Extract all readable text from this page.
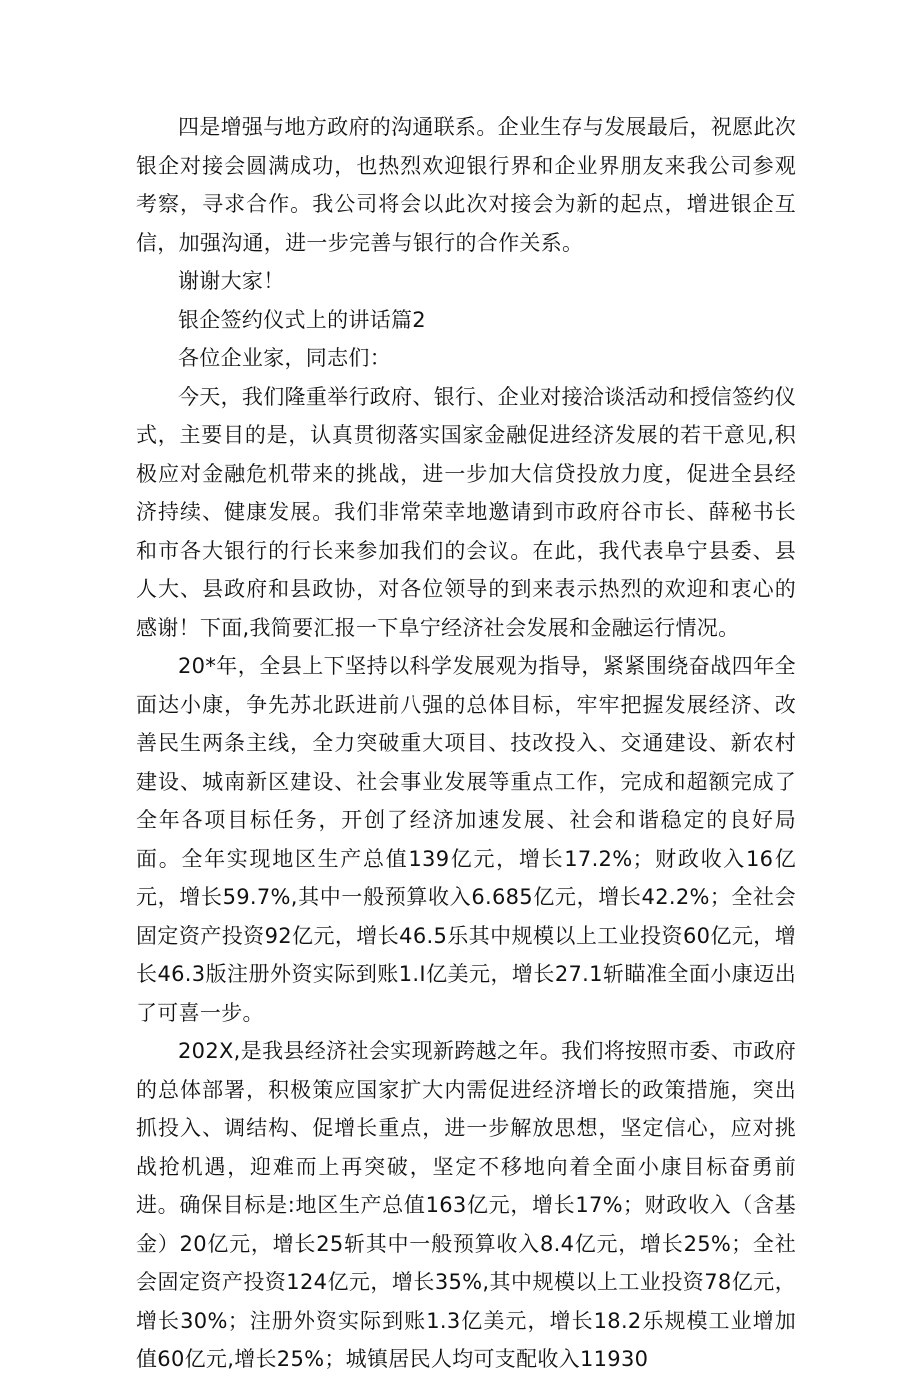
四是增强与地方政府的沟通联系。企业生存与发展最后，祝愿此次银企对接会圆满成功，也热烈欢迎银行界和企业界朋友来我公司参观考察，寻求合作。我公司将会以此次对接会为新的起点，增进银企互信，加强沟通，进一步完善与银行的合作关系。

谢谢大家！

银企签约仪式上的讲话篇2

各位企业家，同志们：

今天，我们隆重举行政府、银行、企业对接洽谈活动和授信签约仪式，主要目的是，认真贯彻落实国家金融促进经济发展的若干意见,积极应对金融危机带来的挑战，进一步加大信贷投放力度，促进全县经济持续、健康发展。我们非常荣幸地邀请到市政府谷市长、薛秘书长和市各大银行的行长来参加我们的会议。在此，我代表阜宁县委、县人大、县政府和县政协，对各位领导的到来表示热烈的欢迎和衷心的感谢！下面,我简要汇报一下阜宁经济社会发展和金融运行情况。

20*年，全县上下坚持以科学发展观为指导，紧紧围绕奋战四年全面达小康，争先苏北跃进前八强的总体目标，牢牢把握发展经济、改善民生两条主线，全力突破重大项目、技改投入、交通建设、新农村建设、城南新区建设、社会事业发展等重点工作，完成和超额完成了全年各项目标任务，开创了经济加速发展、社会和谐稳定的良好局面。全年实现地区生产总值139亿元，增长17.2%；财政收入16亿元，增长59.7%,其中一般预算收入6.685亿元，增长42.2%；全社会固定资产投资92亿元，增长46.5乐其中规模以上工业投资60亿元，增长46.3版注册外资实际到账1.I亿美元，增长27.1斩瞄准全面小康迈出了可喜一步。

202X,是我县经济社会实现新跨越之年。我们将按照市委、市政府的总体部署，积极策应国家扩大内需促进经济增长的政策措施，突出抓投入、调结构、促增长重点，进一步解放思想，坚定信心，应对挑战抢机遇，迎难而上再突破，坚定不移地向着全面小康目标奋勇前进。确保目标是:地区生产总值163亿元，增长17%；财政收入（含基金）20亿元，增长25斩其中一般预算收入8.4亿元，增长25%；全社会固定资产投资124亿元，增长35%,其中规模以上工业投资78亿元，增长30%；注册外资实际到账1.3亿美元，增长18.2乐规模工业增加值60亿元,增长25%；城镇居民人均可支配收入11930
